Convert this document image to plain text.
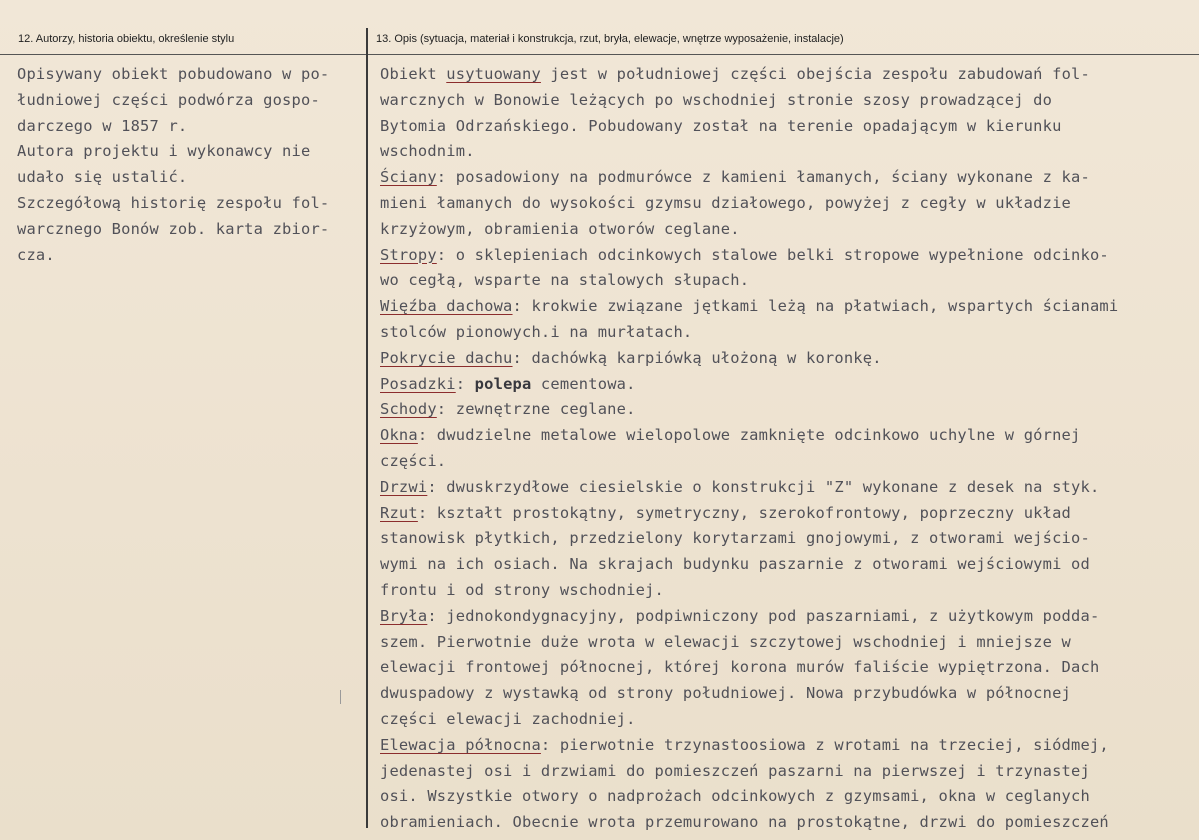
12. Autorzy, historia obiektu, określenie stylu
Opisywany obiekt pobudowano w po-
łudniowej części podwórza gospo-
darczego w 1857 r.
Autora projektu i wykonawcy nie
udało się ustalić.
Szczegółową historię zespołu fol-
warcznego Bonów zob. karta zbior-
cza.
13. Opis (sytuacja, materiał i konstrukcja, rzut, bryła, elewacje, wnętrze wyposażenie, instalacje)
Obiekt usytuowany jest w południowej części obejścia zespołu zabudowań fol-
warcznych w Bonowie leżących po wschodniej stronie szosy prowadzącej do
Bytomia Odrzańskiego. Pobudowany został na terenie opadającym w kierunku
wschodnim.
Ściany: posadowiony na podmurówce z kamieni łamanych, ściany wykonane z ka-
mieni łamanych do wysokości gzymsu działowego, powyżej z cegły w układzie
krzyżowym, obramienia otworów ceglane.
Stropy: o sklepieniach odcinkowych stalowe belki stropowe wypełnione odcinko-
wo cegłą, wsparte na stalowych słupach.
Więźba dachowa: krokwie związane jętkami leżą na płatwiach, wspartych ścianami
stolców pionowych.i na murłatach.
Pokrycie dachu: dachówką karpiówką ułożoną w koronkę.
Posadzki: polepa cementowa.
Schody: zewnętrzne ceglane.
Okna: dwudzielne metalowe wielopolowe zamknięte odcinkowo uchylne w górnej
części.
Drzwi: dwuskrzydłowe ciesielskie o konstrukcji "Z" wykonane z desek na styk.
Rzut: kształt prostokątny, symetryczny, szerokofrontowy, poprzeczny układ
stanowisk płytkich, przedzielony korytarzami gnojowymi, z otworami wejścio-
wymi na ich osiach. Na skrajach budynku paszarnie z otworami wejściowymi od
frontu i od strony wschodniej.
Bryła: jednokondygnacyjny, podpiwniczony pod paszarniami, z użytkowym podda-
szem. Pierwotnie duże wrota w elewacji szczytowej wschodniej i mniejsze w
elewacji frontowej północnej, której korona murów faliście wypiętrzona. Dach
dwuspadowy z wystawką od strony południowej. Nowa przybudówka w północnej
części elewacji zachodniej.
Elewacja północna: pierwotnie trzynastoosiowa z wrotami na trzeciej, siódmej,
jedenastej osi i drzwiami do pomieszczeń paszarni na pierwszej i trzynastej
osi. Wszystkie otwory o nadprożach odcinkowych z gzymsami, okna w ceglanych
obramieniach. Obecnie wrota przemurowano na prostokątne, drzwi do pomieszczeń
